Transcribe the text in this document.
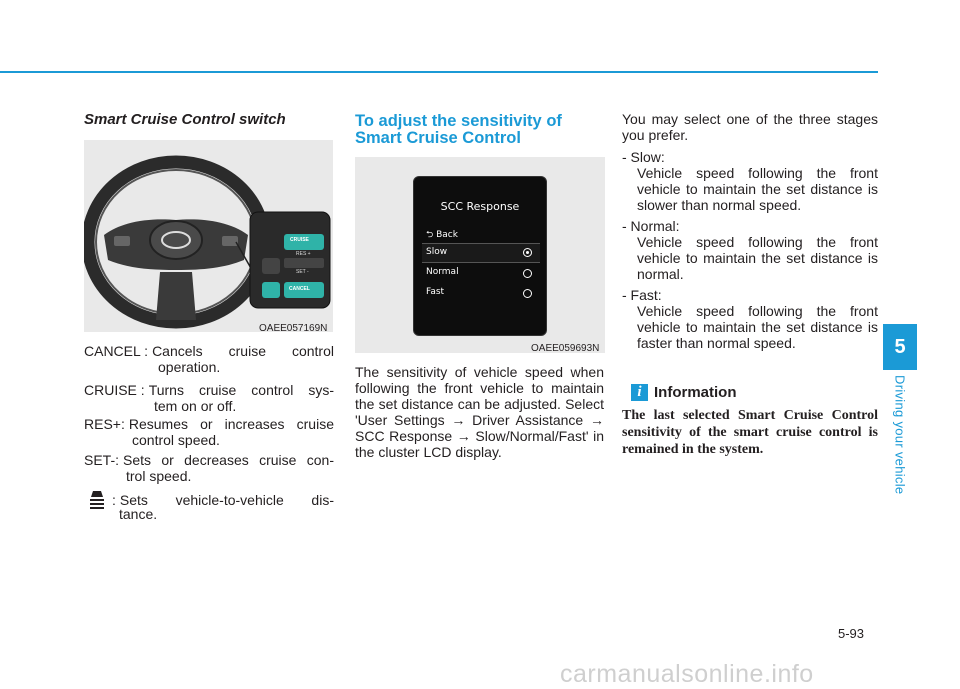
Smart Cruise Control switch
CRUISE
RES +
SET -
CANCEL
OAEE057169N
CANCEL : Cancels cruise control
operation.
CRUISE : Turns cruise control sys-
tem on or off.
RES+: Resumes or increases cruise
control speed.
SET-: Sets or decreases cruise con-
trol speed.
: Sets vehicle-to-vehicle dis-
tance.
To adjust the sensitivity of
Smart Cruise Control
SCC Response
⮌ Back
Slow
Normal
Fast
OAEE059693N
The sensitivity of vehicle speed when following the front vehicle to maintain the set distance can be adjusted. Select 'User Settings → Driver Assistance → SCC Response → Slow/Normal/Fast' in the cluster LCD display.
You may select one of the three stages you prefer.
- Slow:
Vehicle speed following the front vehicle to maintain the set distance is slower than normal speed.
- Normal:
Vehicle speed following the front vehicle to maintain the set distance is normal.
- Fast:
Vehicle speed following the front vehicle to maintain the set distance is faster than normal speed.
i Information
The last selected Smart Cruise Control sensitivity of the smart cruise control is remained in the system.
5
Driving your vehicle
5-93
carmanualsonline.info
